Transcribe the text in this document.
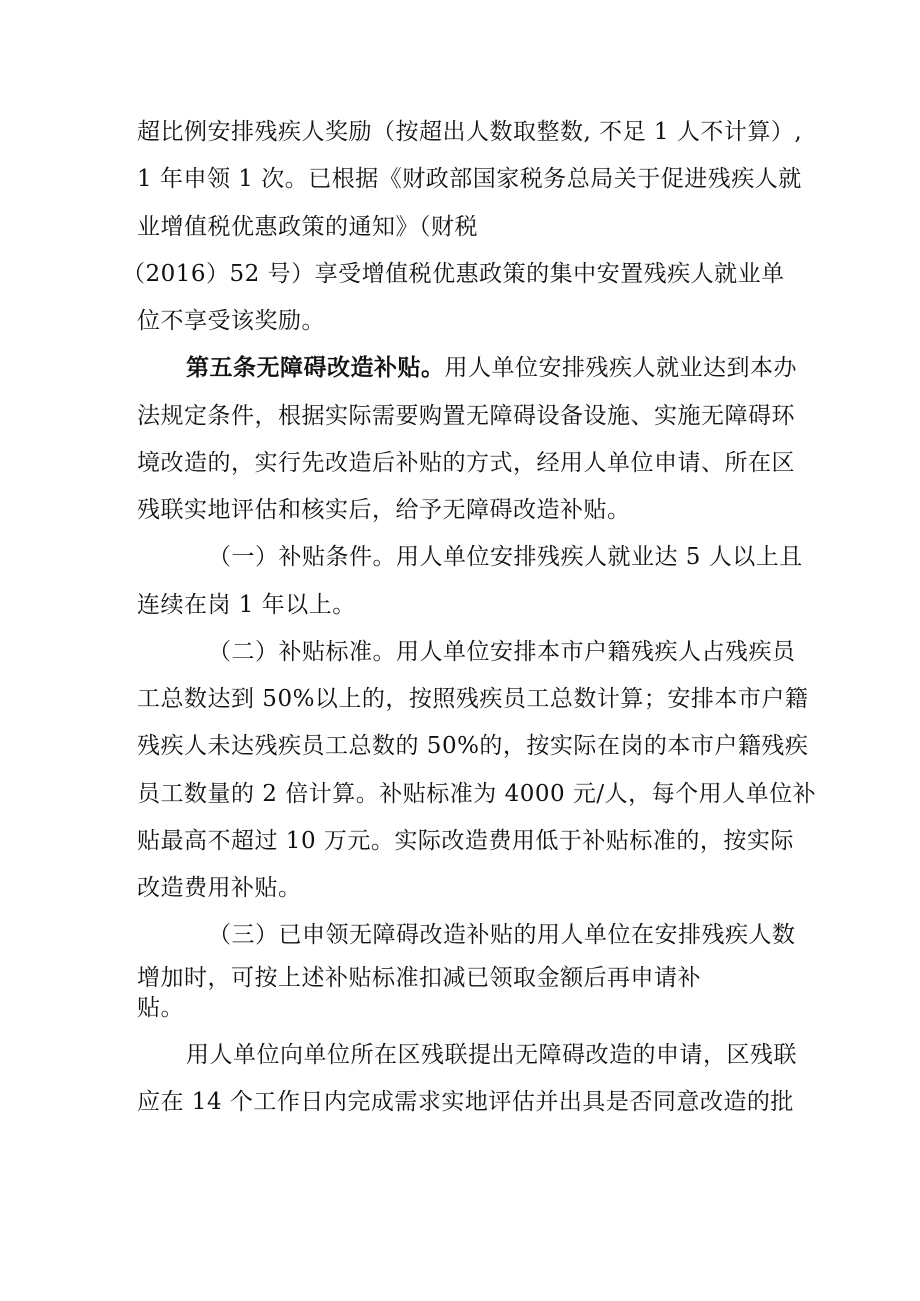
超比例安排残疾人奖励（按超出人数取整数, 不足 1 人不计算）,
1 年申领 1 次。已根据《财政部国家税务总局关于促进残疾人就
业增值税优惠政策的通知》（财税
（2016）52 号）享受增值税优惠政策的集中安置残疾人就业单
位不享受该奖励。
第五条无障碍改造补贴。用人单位安排残疾人就业达到本办
法规定条件，根据实际需要购置无障碍设备设施、实施无障碍环
境改造的，实行先改造后补贴的方式，经用人单位申请、所在区
残联实地评估和核实后，给予无障碍改造补贴。
（一）补贴条件。用人单位安排残疾人就业达 5 人以上且
连续在岗 1 年以上。
（二）补贴标准。用人单位安排本市户籍残疾人占残疾员
工总数达到 50%以上的，按照残疾员工总数计算；安排本市户籍
残疾人未达残疾员工总数的 50%的，按实际在岗的本市户籍残疾
员工数量的 2 倍计算。补贴标准为 4000 元/人，每个用人单位补
贴最高不超过 10 万元。实际改造费用低于补贴标准的，按实际
改造费用补贴。
（三）已申领无障碍改造补贴的用人单位在安排残疾人数
增加时，可按上述补贴标准扣减已领取金额后再申请补
贴。
用人单位向单位所在区残联提出无障碍改造的申请，区残联
应在 14 个工作日内完成需求实地评估并出具是否同意改造的批
